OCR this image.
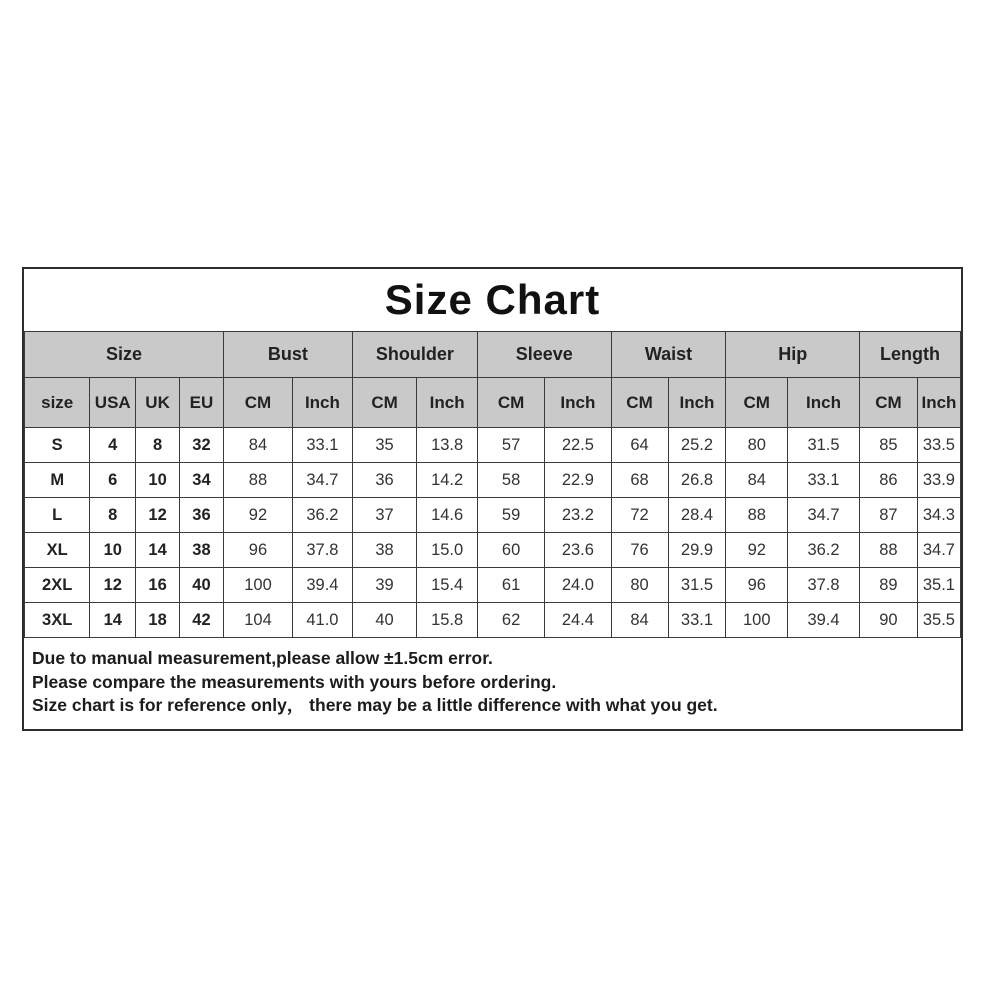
Size Chart
Size				Bust		Shoulder		Sleeve		Waist		Hip		Length	
size	USA	UK	EU	CM	Inch	CM	Inch	CM	Inch	CM	Inch	CM	Inch	CM	Inch
S	4	8	32	84	33.1	35	13.8	57	22.5	64	25.2	80	31.5	85	33.5
M	6	10	34	88	34.7	36	14.2	58	22.9	68	26.8	84	33.1	86	33.9
L	8	12	36	92	36.2	37	14.6	59	23.2	72	28.4	88	34.7	87	34.3
XL	10	14	38	96	37.8	38	15.0	60	23.6	76	29.9	92	36.2	88	34.7
2XL	12	16	40	100	39.4	39	15.4	61	24.0	80	31.5	96	37.8	89	35.1
3XL	14	18	42	104	41.0	40	15.8	62	24.4	84	33.1	100	39.4	90	35.5
Due to manual measurement,please allow ±1.5cm error.
Please compare the measurements with yours before ordering.
Size chart is for reference only， there may be a little difference with what you get.
